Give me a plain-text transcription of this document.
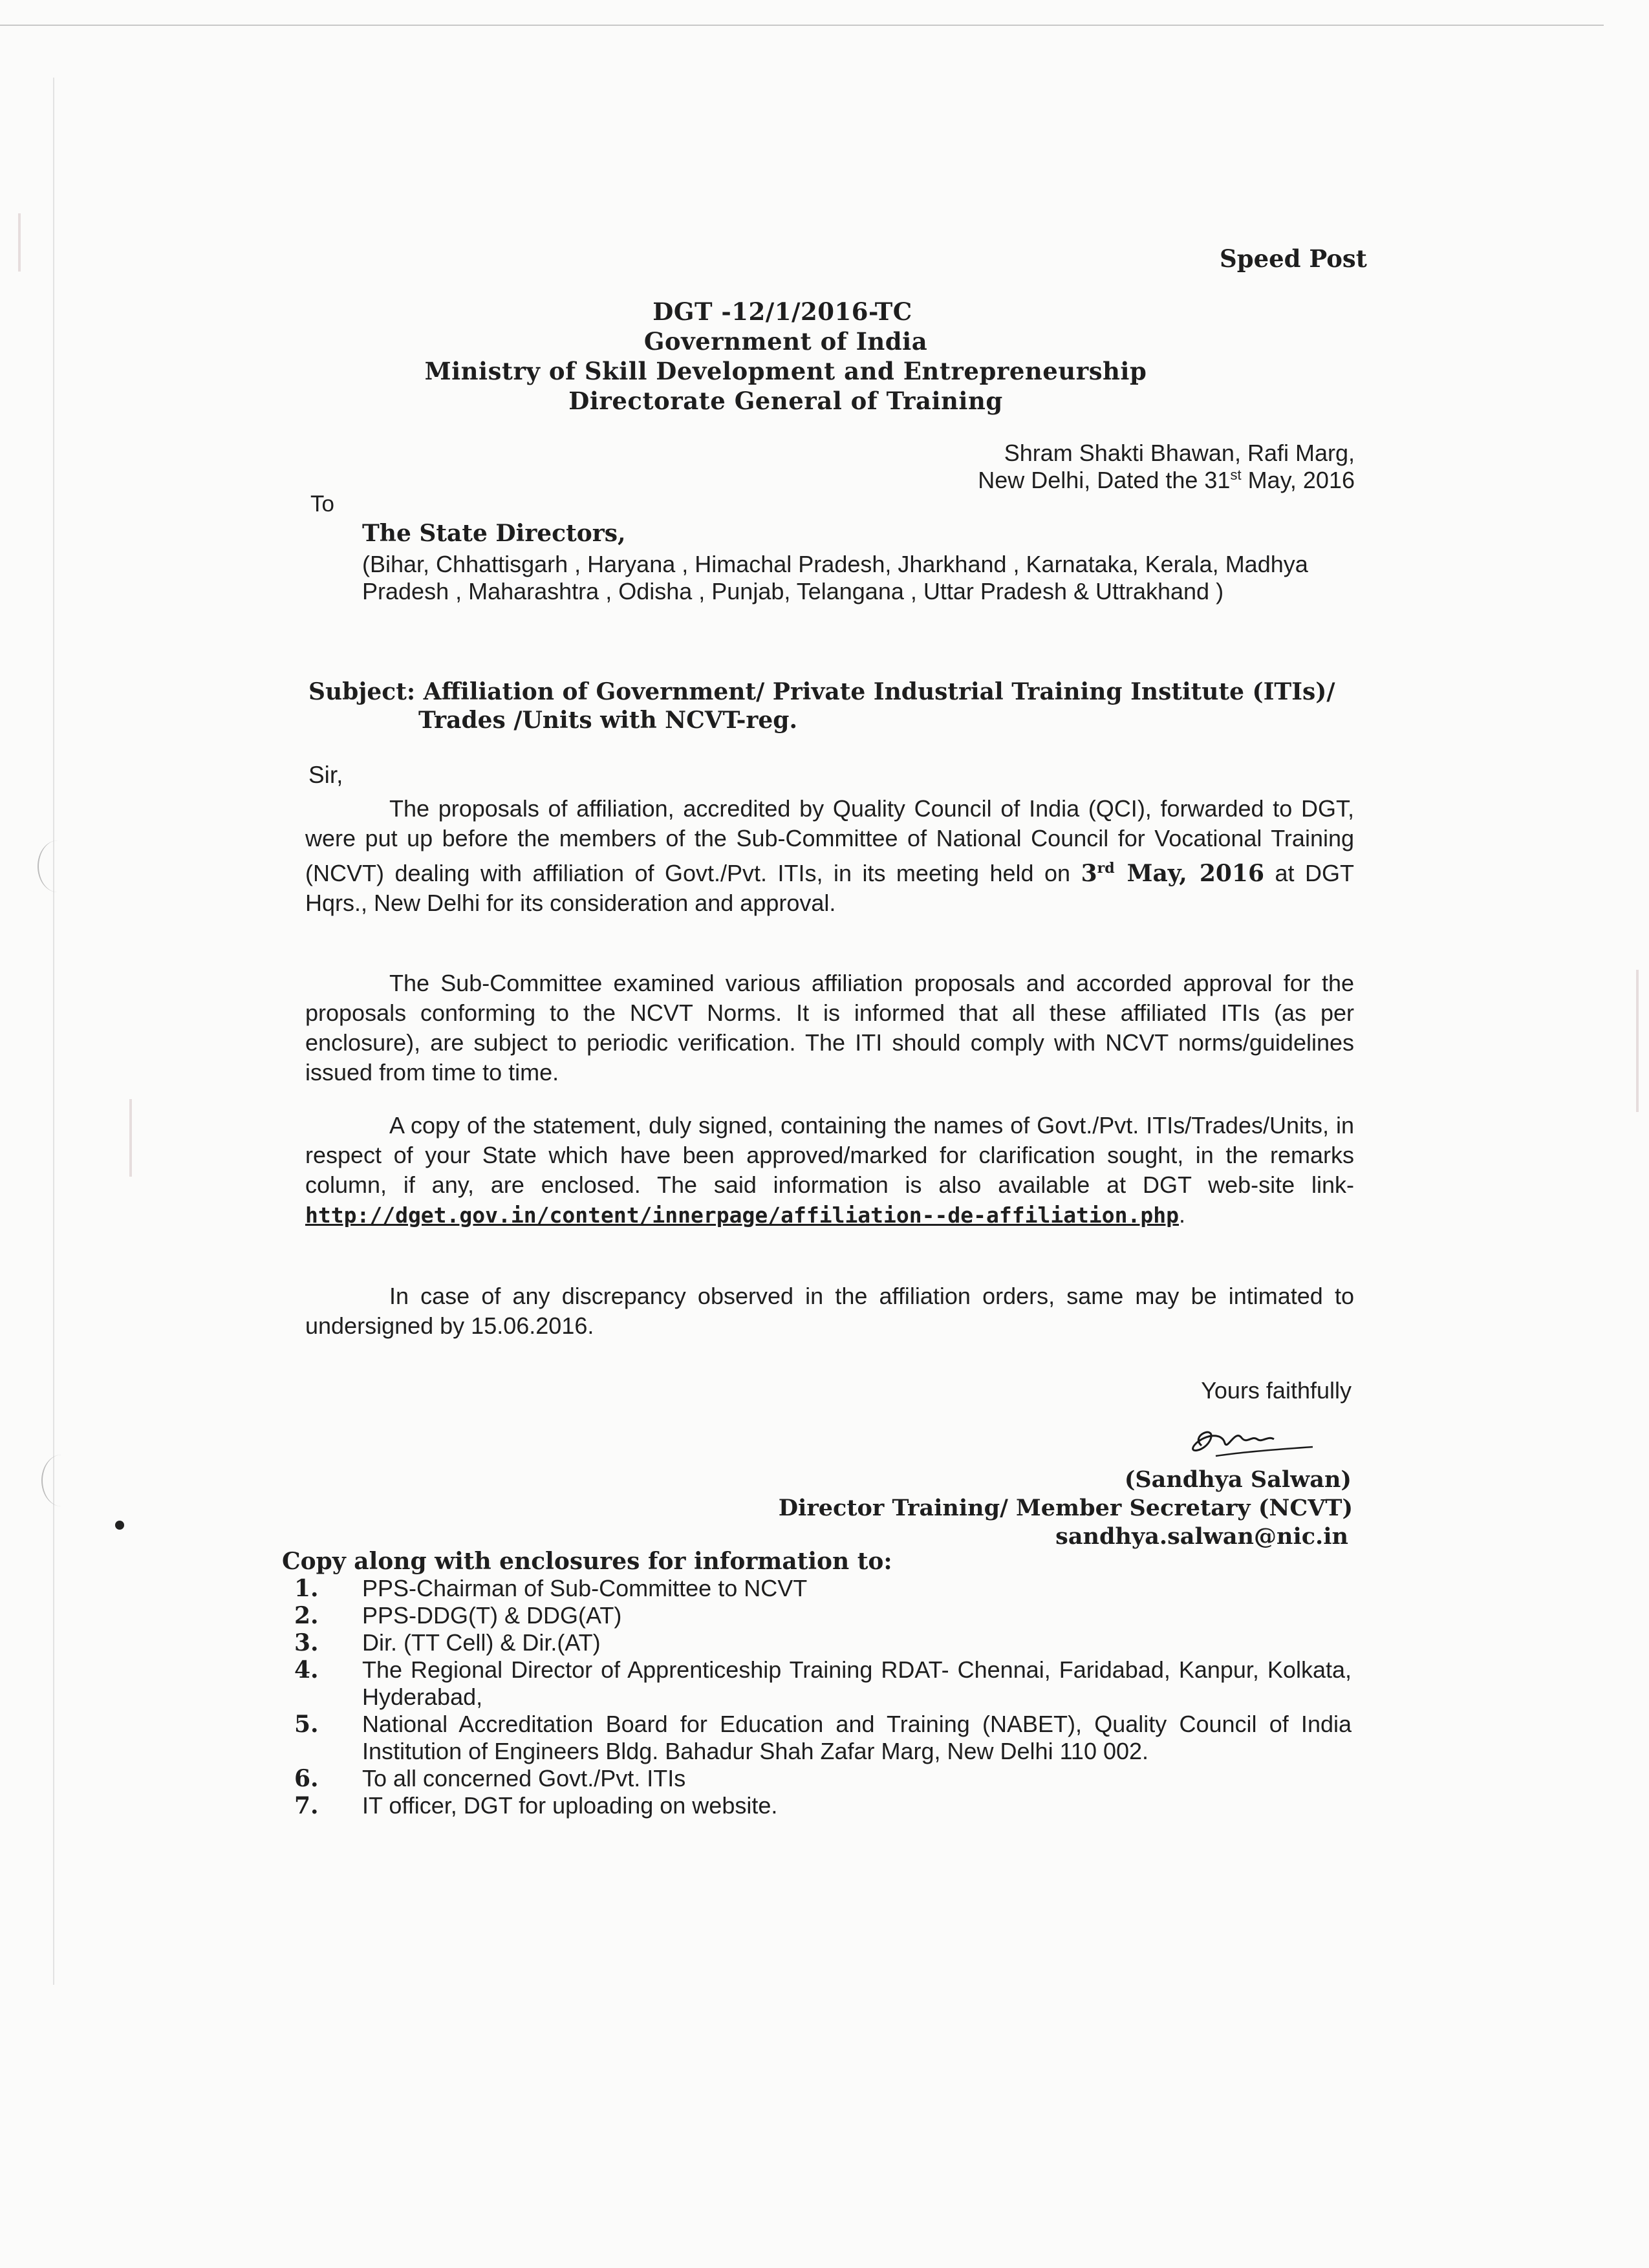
Speed Post
DGT -12/1/2016-TC
Government of India
Ministry of Skill Development and Entrepreneurship
Directorate General of Training
Shram Shakti Bhawan, Rafi Marg,
New Delhi, Dated the 31st May, 2016
To
The State Directors,
(Bihar, Chhattisgarh , Haryana , Himachal Pradesh, Jharkhand , Karnataka, Kerala, Madhya Pradesh , Maharashtra , Odisha , Punjab, Telangana , Uttar Pradesh & Uttrakhand )
Subject: Affiliation of Government/ Private Industrial Training Institute (ITIs)/
Trades /Units with NCVT-reg.
Sir,
The proposals of affiliation, accredited by Quality Council of India (QCI), forwarded to DGT, were put up before the members of the Sub-Committee of National Council for Vocational Training (NCVT) dealing with affiliation of Govt./Pvt. ITIs, in its meeting held on 3rd May, 2016 at DGT Hqrs., New Delhi for its consideration and approval.
The Sub-Committee examined various affiliation proposals and accorded approval for the proposals conforming to the NCVT Norms. It is informed that all these affiliated ITIs (as per enclosure), are subject to periodic verification. The ITI should comply with NCVT norms/guidelines issued from time to time.
A copy of the statement, duly signed, containing the names of Govt./Pvt. ITIs/Trades/Units, in respect of your State which have been approved/marked for clarification sought, in the remarks column, if any, are enclosed. The said information is also available at DGT web-site link- http://dget.gov.in/content/innerpage/affiliation--de-affiliation.php.
In case of any discrepancy observed in the affiliation orders, same may be intimated to undersigned by 15.06.2016.
Yours faithfully
(Sandhya Salwan)
Director Training/ Member Secretary (NCVT)
sandhya.salwan@nic.in
Copy along with enclosures for information to:
1. PPS-Chairman of Sub-Committee to NCVT
2. PPS-DDG(T) & DDG(AT)
3. Dir. (TT Cell) & Dir.(AT)
4. The Regional Director of Apprenticeship Training RDAT- Chennai, Faridabad, Kanpur, Kolkata, Hyderabad,
5. National Accreditation Board for Education and Training (NABET), Quality Council of India Institution of Engineers Bldg. Bahadur Shah Zafar Marg, New Delhi 110 002.
6. To all concerned Govt./Pvt. ITIs
7. IT officer, DGT for uploading on website.
